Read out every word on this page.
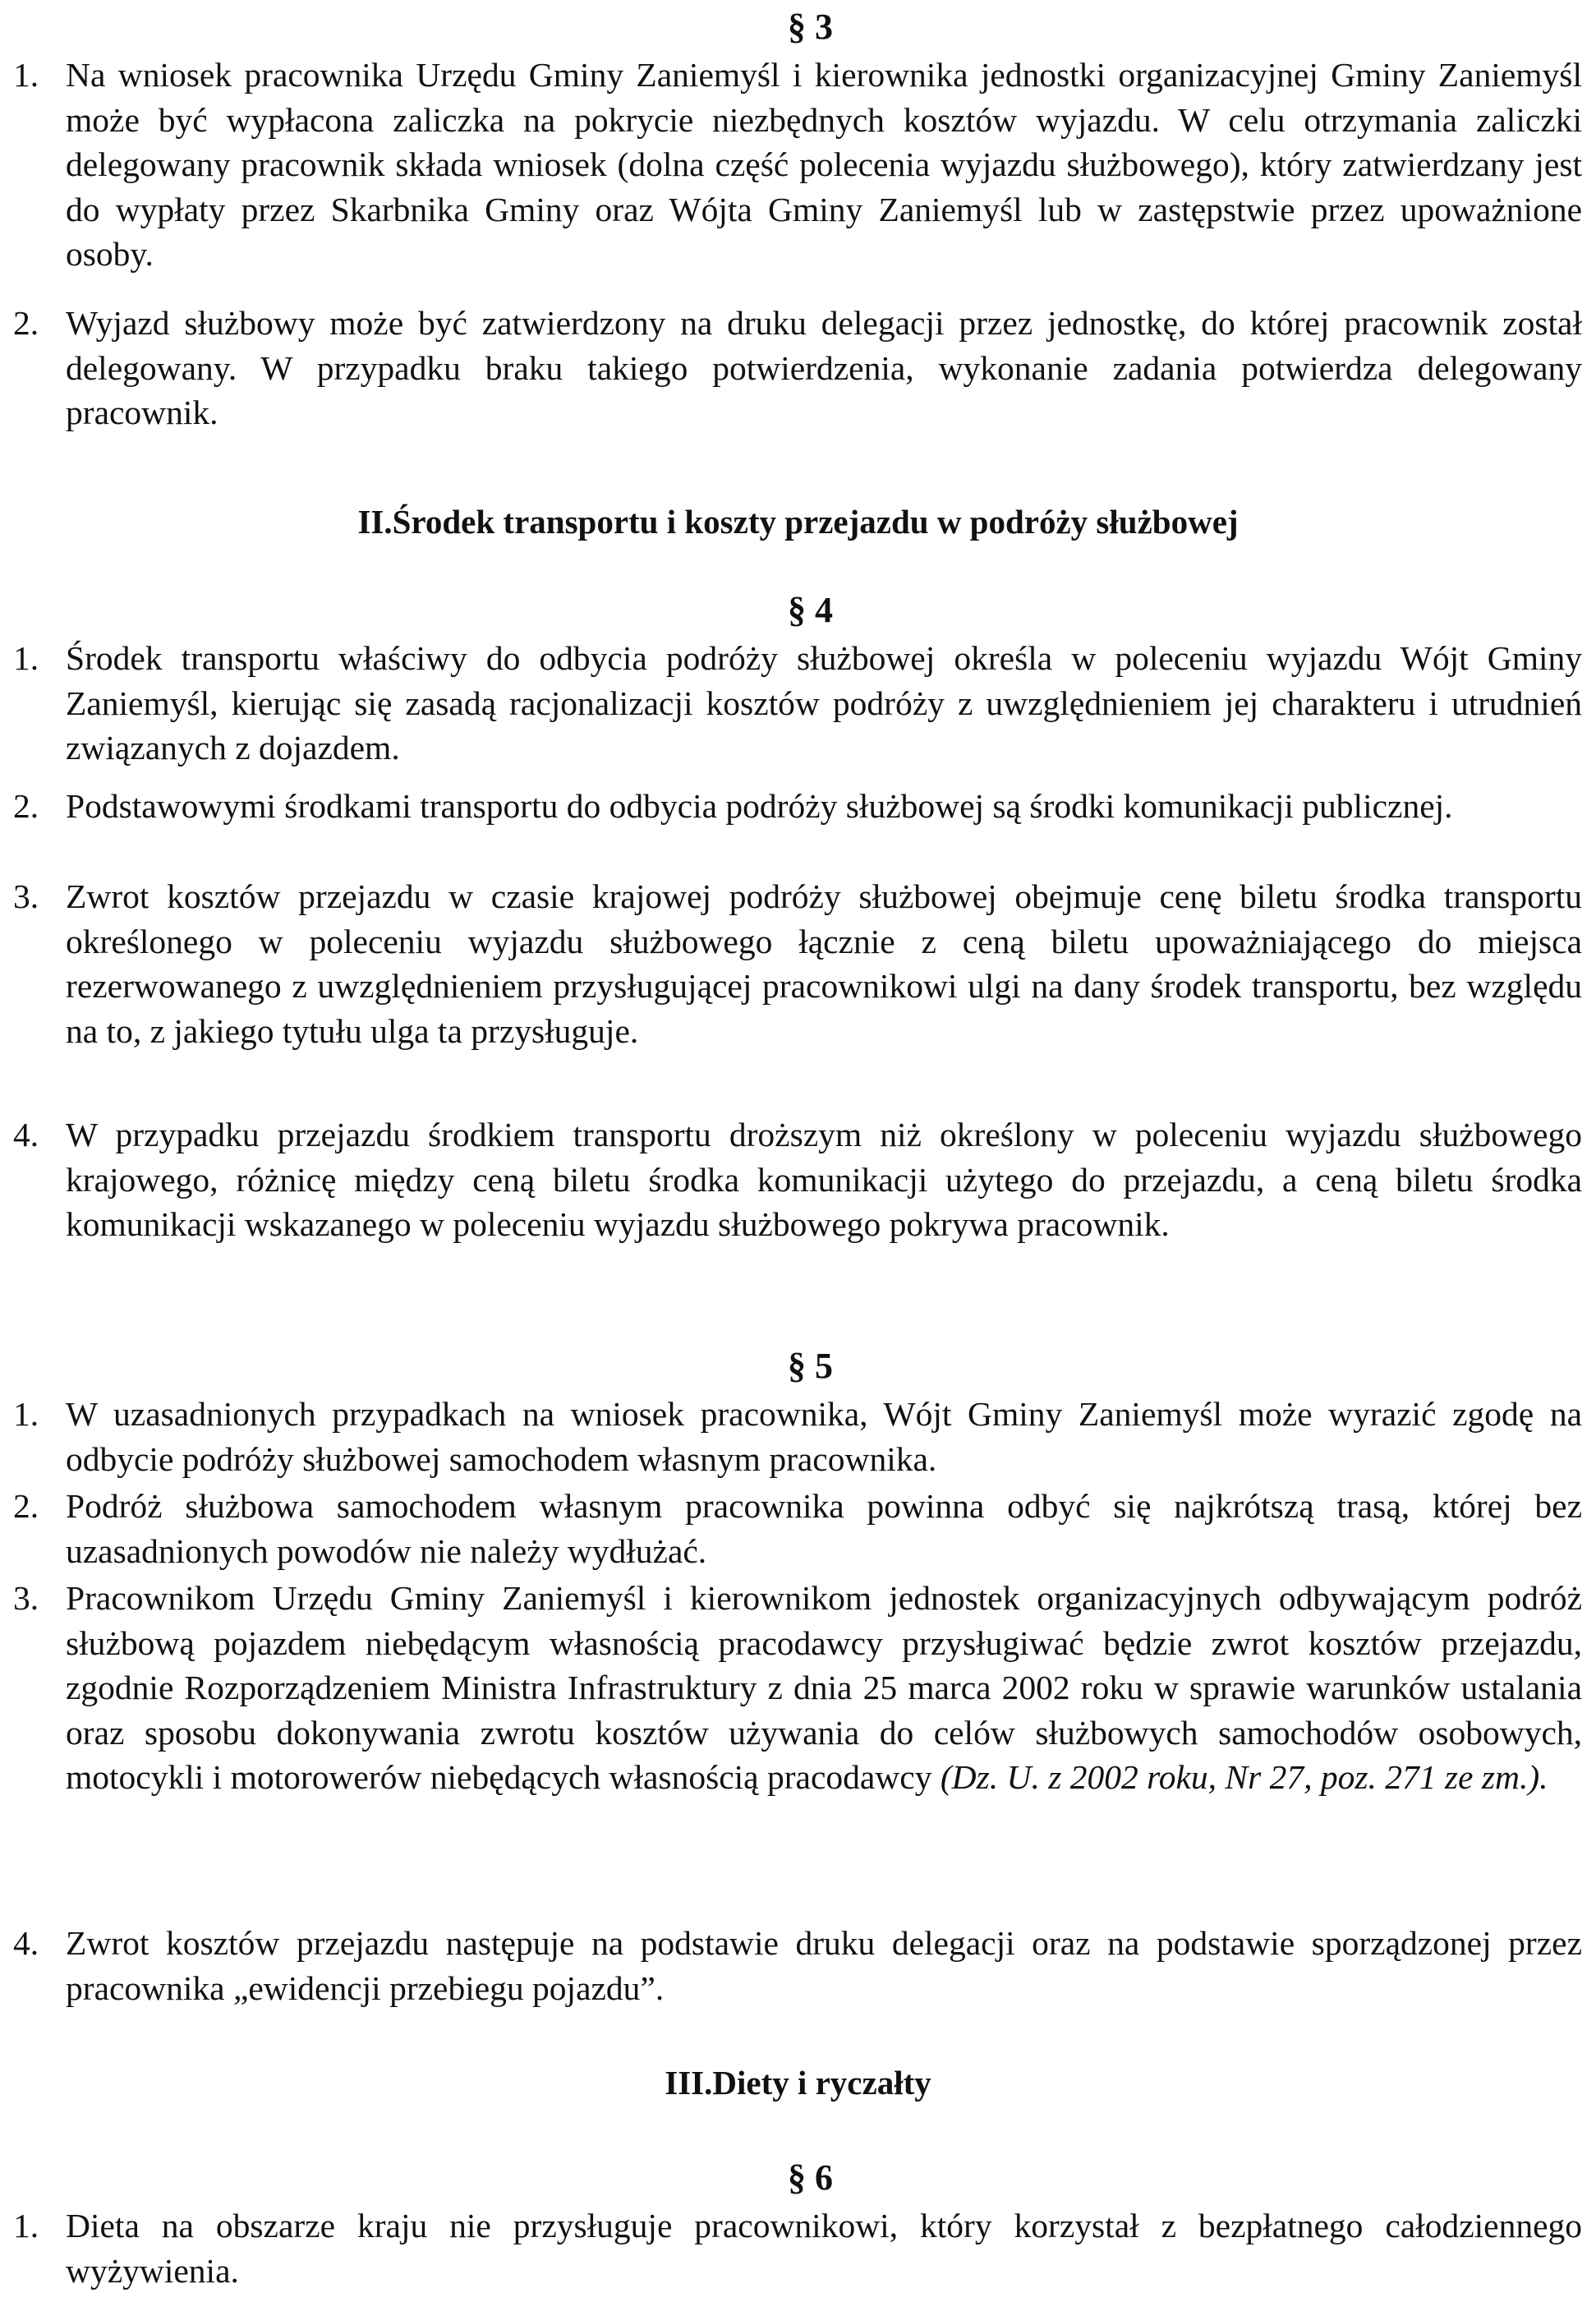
§ 3
1. Na wniosek pracownika Urzędu Gminy Zaniemyśl i kierownika jednostki organizacyjnej Gminy Zaniemyśl może być wypłacona zaliczka na pokrycie niezbędnych kosztów wyjazdu. W celu otrzymania zaliczki delegowany pracownik składa wniosek (dolna część polecenia wyjazdu służbowego), który zatwierdzany jest do wypłaty przez Skarbnika Gminy oraz Wójta Gminy Zaniemyśl lub w zastępstwie przez upoważnione osoby.
2. Wyjazd służbowy może być zatwierdzony na druku delegacji przez jednostkę, do której pracownik został delegowany. W przypadku braku takiego potwierdzenia, wykonanie zadania potwierdza delegowany pracownik.
II.Środek transportu i koszty przejazdu w podróży służbowej
§ 4
1. Środek transportu właściwy do odbycia podróży służbowej określa w poleceniu wyjazdu Wójt Gminy Zaniemyśl, kierując się zasadą racjonalizacji kosztów podróży z uwzględnieniem jej charakteru i utrudnień związanych z dojazdem.
2. Podstawowymi środkami transportu do odbycia podróży służbowej są środki komunikacji publicznej.
3. Zwrot kosztów przejazdu w czasie krajowej podróży służbowej obejmuje cenę biletu środka transportu określonego w poleceniu wyjazdu służbowego łącznie z ceną biletu upoważniającego do miejsca rezerwowanego z uwzględnieniem przysługującej pracownikowi ulgi na dany środek transportu, bez względu na to, z jakiego tytułu ulga ta przysługuje.
4. W przypadku przejazdu środkiem transportu droższym niż określony w poleceniu wyjazdu służbowego krajowego, różnicę między ceną biletu środka komunikacji użytego do przejazdu, a ceną biletu środka komunikacji wskazanego w poleceniu wyjazdu służbowego pokrywa pracownik.
§ 5
1. W uzasadnionych przypadkach na wniosek pracownika, Wójt Gminy Zaniemyśl może wyrazić zgodę na odbycie podróży służbowej samochodem własnym pracownika.
2. Podróż służbowa samochodem własnym pracownika powinna odbyć się najkrótszą trasą, której bez uzasadnionych powodów nie należy wydłużać.
3. Pracownikom Urzędu Gminy Zaniemyśl i kierownikom jednostek organizacyjnych odbywającym podróż służbową pojazdem niebędącym własnością pracodawcy przysługiwać będzie zwrot kosztów przejazdu, zgodnie Rozporządzeniem Ministra Infrastruktury z dnia 25 marca 2002 roku w sprawie warunków ustalania oraz sposobu dokonywania zwrotu kosztów używania do celów służbowych samochodów osobowych, motocykli i motorowerów niebędących własnością pracodawcy (Dz. U. z 2002 roku, Nr 27, poz. 271 ze zm.).
4. Zwrot kosztów przejazdu następuje na podstawie druku delegacji oraz na podstawie sporządzonej przez pracownika „ewidencji przebiegu pojazdu”.
III.Diety i ryczałty
§ 6
1. Dieta na obszarze kraju nie przysługuje pracownikowi, który korzystał z bezpłatnego całodziennego wyżywienia.
